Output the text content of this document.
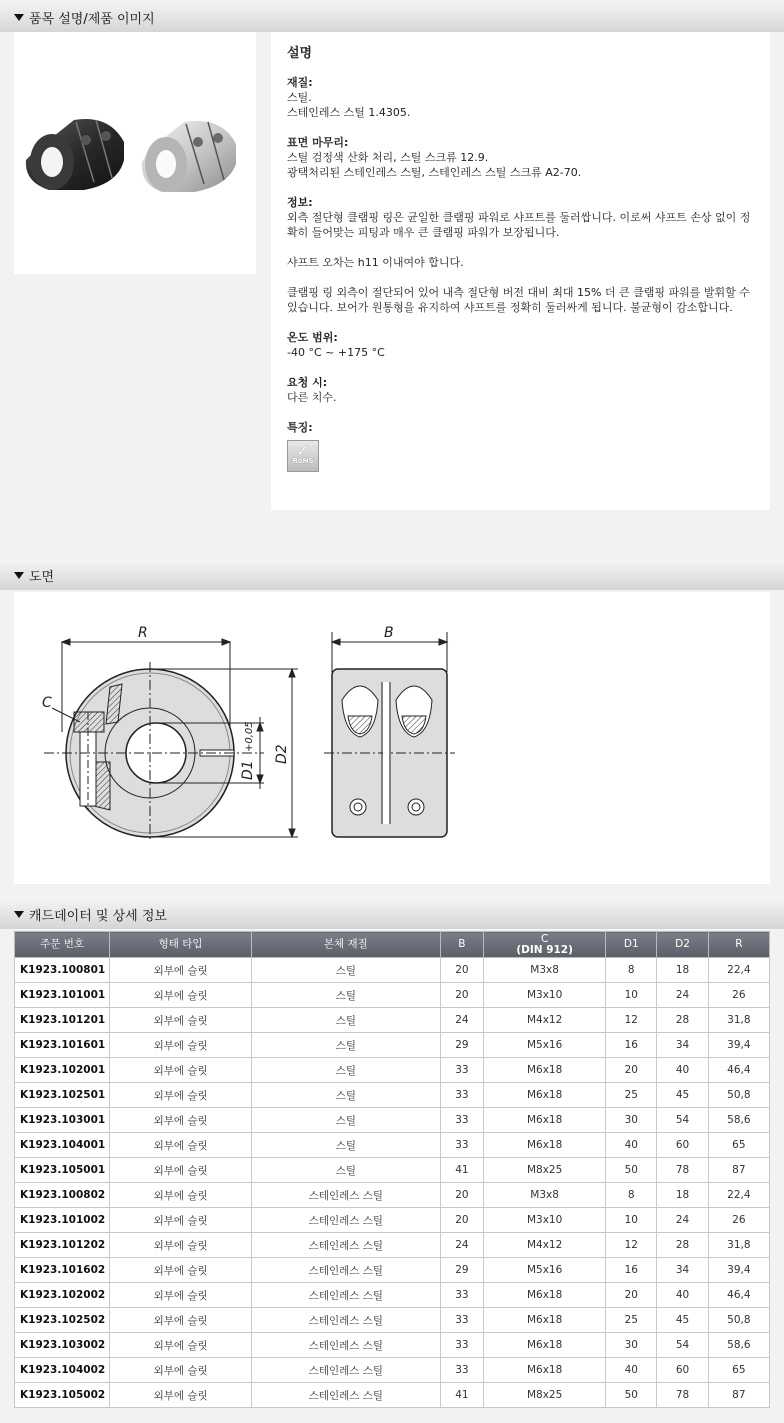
품목 설명/제품 이미지
설명
재질:
스틸.
스테인레스 스틸 1.4305.
표면 마무리:
스틸 검정색 산화 처리, 스틸 스크류 12.9.
광택처리된 스테인레스 스틸, 스테인레스 스틸 스크류 A2-70.
정보:
외측 절단형 클램핑 링은 균일한 클램핑 파워로 샤프트를 둘러쌉니다. 이로써 샤프트 손상 없이 정확히 들어맞는 피팅과 매우 큰 클램핑 파워가 보장됩니다.
샤프트 오차는 h11 이내여야 합니다.
클램핑 링 외측이 절단되어 있어 내측 절단형 버전 대비 최대 15% 더 큰 클램핑 파워를 발휘할 수 있습니다. 보어가 원통형을 유지하여 샤프트를 정확히 둘러싸게 됩니다. 불균형이 감소합니다.
온도 범위:
-40 °C ~ +175 °C
요청 시:
다른 치수.
특징:
✓
RoHS
도면
R	B
C
D1
+0,05
D2
캐드데이터 및 상세 정보
주문 번호	형태 타입	본체 재질	B	C
(DIN 912)	D1	D2	R
K1923.100801	외부에 슬릿	스틸	20	M3x8	8	18	22,4
K1923.101001	외부에 슬릿	스틸	20	M3x10	10	24	26
K1923.101201	외부에 슬릿	스틸	24	M4x12	12	28	31,8
K1923.101601	외부에 슬릿	스틸	29	M5x16	16	34	39,4
K1923.102001	외부에 슬릿	스틸	33	M6x18	20	40	46,4
K1923.102501	외부에 슬릿	스틸	33	M6x18	25	45	50,8
K1923.103001	외부에 슬릿	스틸	33	M6x18	30	54	58,6
K1923.104001	외부에 슬릿	스틸	33	M6x18	40	60	65
K1923.105001	외부에 슬릿	스틸	41	M8x25	50	78	87
K1923.100802	외부에 슬릿	스테인레스 스틸	20	M3x8	8	18	22,4
K1923.101002	외부에 슬릿	스테인레스 스틸	20	M3x10	10	24	26
K1923.101202	외부에 슬릿	스테인레스 스틸	24	M4x12	12	28	31,8
K1923.101602	외부에 슬릿	스테인레스 스틸	29	M5x16	16	34	39,4
K1923.102002	외부에 슬릿	스테인레스 스틸	33	M6x18	20	40	46,4
K1923.102502	외부에 슬릿	스테인레스 스틸	33	M6x18	25	45	50,8
K1923.103002	외부에 슬릿	스테인레스 스틸	33	M6x18	30	54	58,6
K1923.104002	외부에 슬릿	스테인레스 스틸	33	M6x18	40	60	65
K1923.105002	외부에 슬릿	스테인레스 스틸	41	M8x25	50	78	87
